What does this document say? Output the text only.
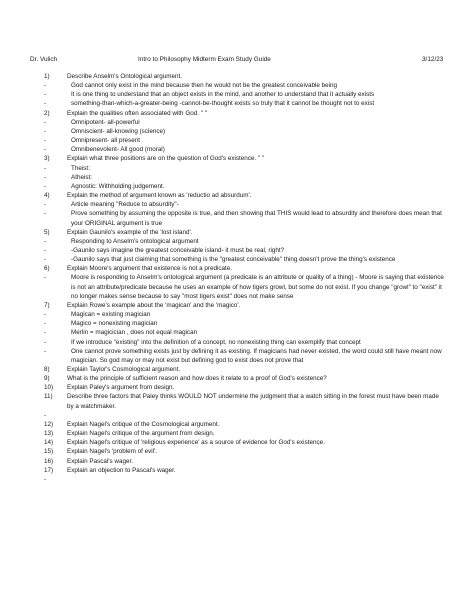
Dr. Vulich	Intro to Philosophy Midterm Exam Study Guide	3/12/23
1)	Describe Anselm's Ontological argument.
-	God cannot only exist in the mind because then he would not be the greatest conceivable being
-	It is one thing to understand that an object exists in the mind, and another to understand that it actually exists
-	something-than-which-a-greater-being -cannot-be-thought exists so truly that it cannot be thought not to exist
2)	Explain the qualities often associated with God. " "
-	Omnipotent- all-powerful
-	Omniscient- all-knowing (science)
-	Omnipresent- all present
-	Omnibenevolent- All good (moral)
3)	Explain what three positions are on the question of God's existence. " "
-	Theist:
-	Atheist:
-	Agnostic: Withholding judgement.
4)	Explain the method of argument known as 'reductio ad absurdum'.
-	Article meaning "Reduce to absurdity"-
-	Prove something by assuming the opposite is true, and then showing that THIS would lead to absurdity and therefore does mean that your ORIGINAL argument is true
5)	Explain Gaunilo's example of the 'lost island'.
-	Responding to Anselm's ontological argument
-	-Gaunilo says imagine the greatest conceivable island- it must be real, right?
-	-Gaunilo says that just claiming that something is the "greatest conceivable" thing doesn't prove the thing's existence
6)	Explain Moore's argument that existence is not a predicate.
-	Moore is responding to Anselm's ontological argument (a predicate is an attribute or quality of a thing) - Moore is saying that existence is not an attribute/predicate because he uses an example of how tigers growl, but some do not exist. If you change "growl" to "exist" it no longer makes sense because to say "most tigers exist" does not make sense
7)	Explain Rowe's example about the 'magican' and the 'magico'.
-	Magican = existing magician
-	Magico = nonexisting magician
-	Merlin = magicician , does not equal magican
-	If we introduce "existing" into the definition of a concept, no nonexisting thing can exemplify that concept
-	One cannot prove something exists just by defining it as existing. If magicians had never existed, the word could still have meant now magician. So god may or may not exist but defining god to exist does not prove that
8)	Explain Taylor's Cosmological argument.
9)	What is the principle of sufficient reason and how does it relate to a proof of God's existence?
10)	Explain Paley's argument from design.
11)	Describe three factors that Paley thinks WOULD NOT undermine the judgment that a watch sitting in the forest must have been made by a watchmaker.
-
12)	Explain Nagel's critique of the Cosmological argument.
13)	Explain Nagel's critique of the argument from design.
14)	Explain Nagel's critique of 'religious experience' as a source of evidence for God's existence.
15)	Explain Nagel's 'problem of evil'.
16)	Explain Pascal's wager.
17)	Explain an objection to Pascal's wager.
-
